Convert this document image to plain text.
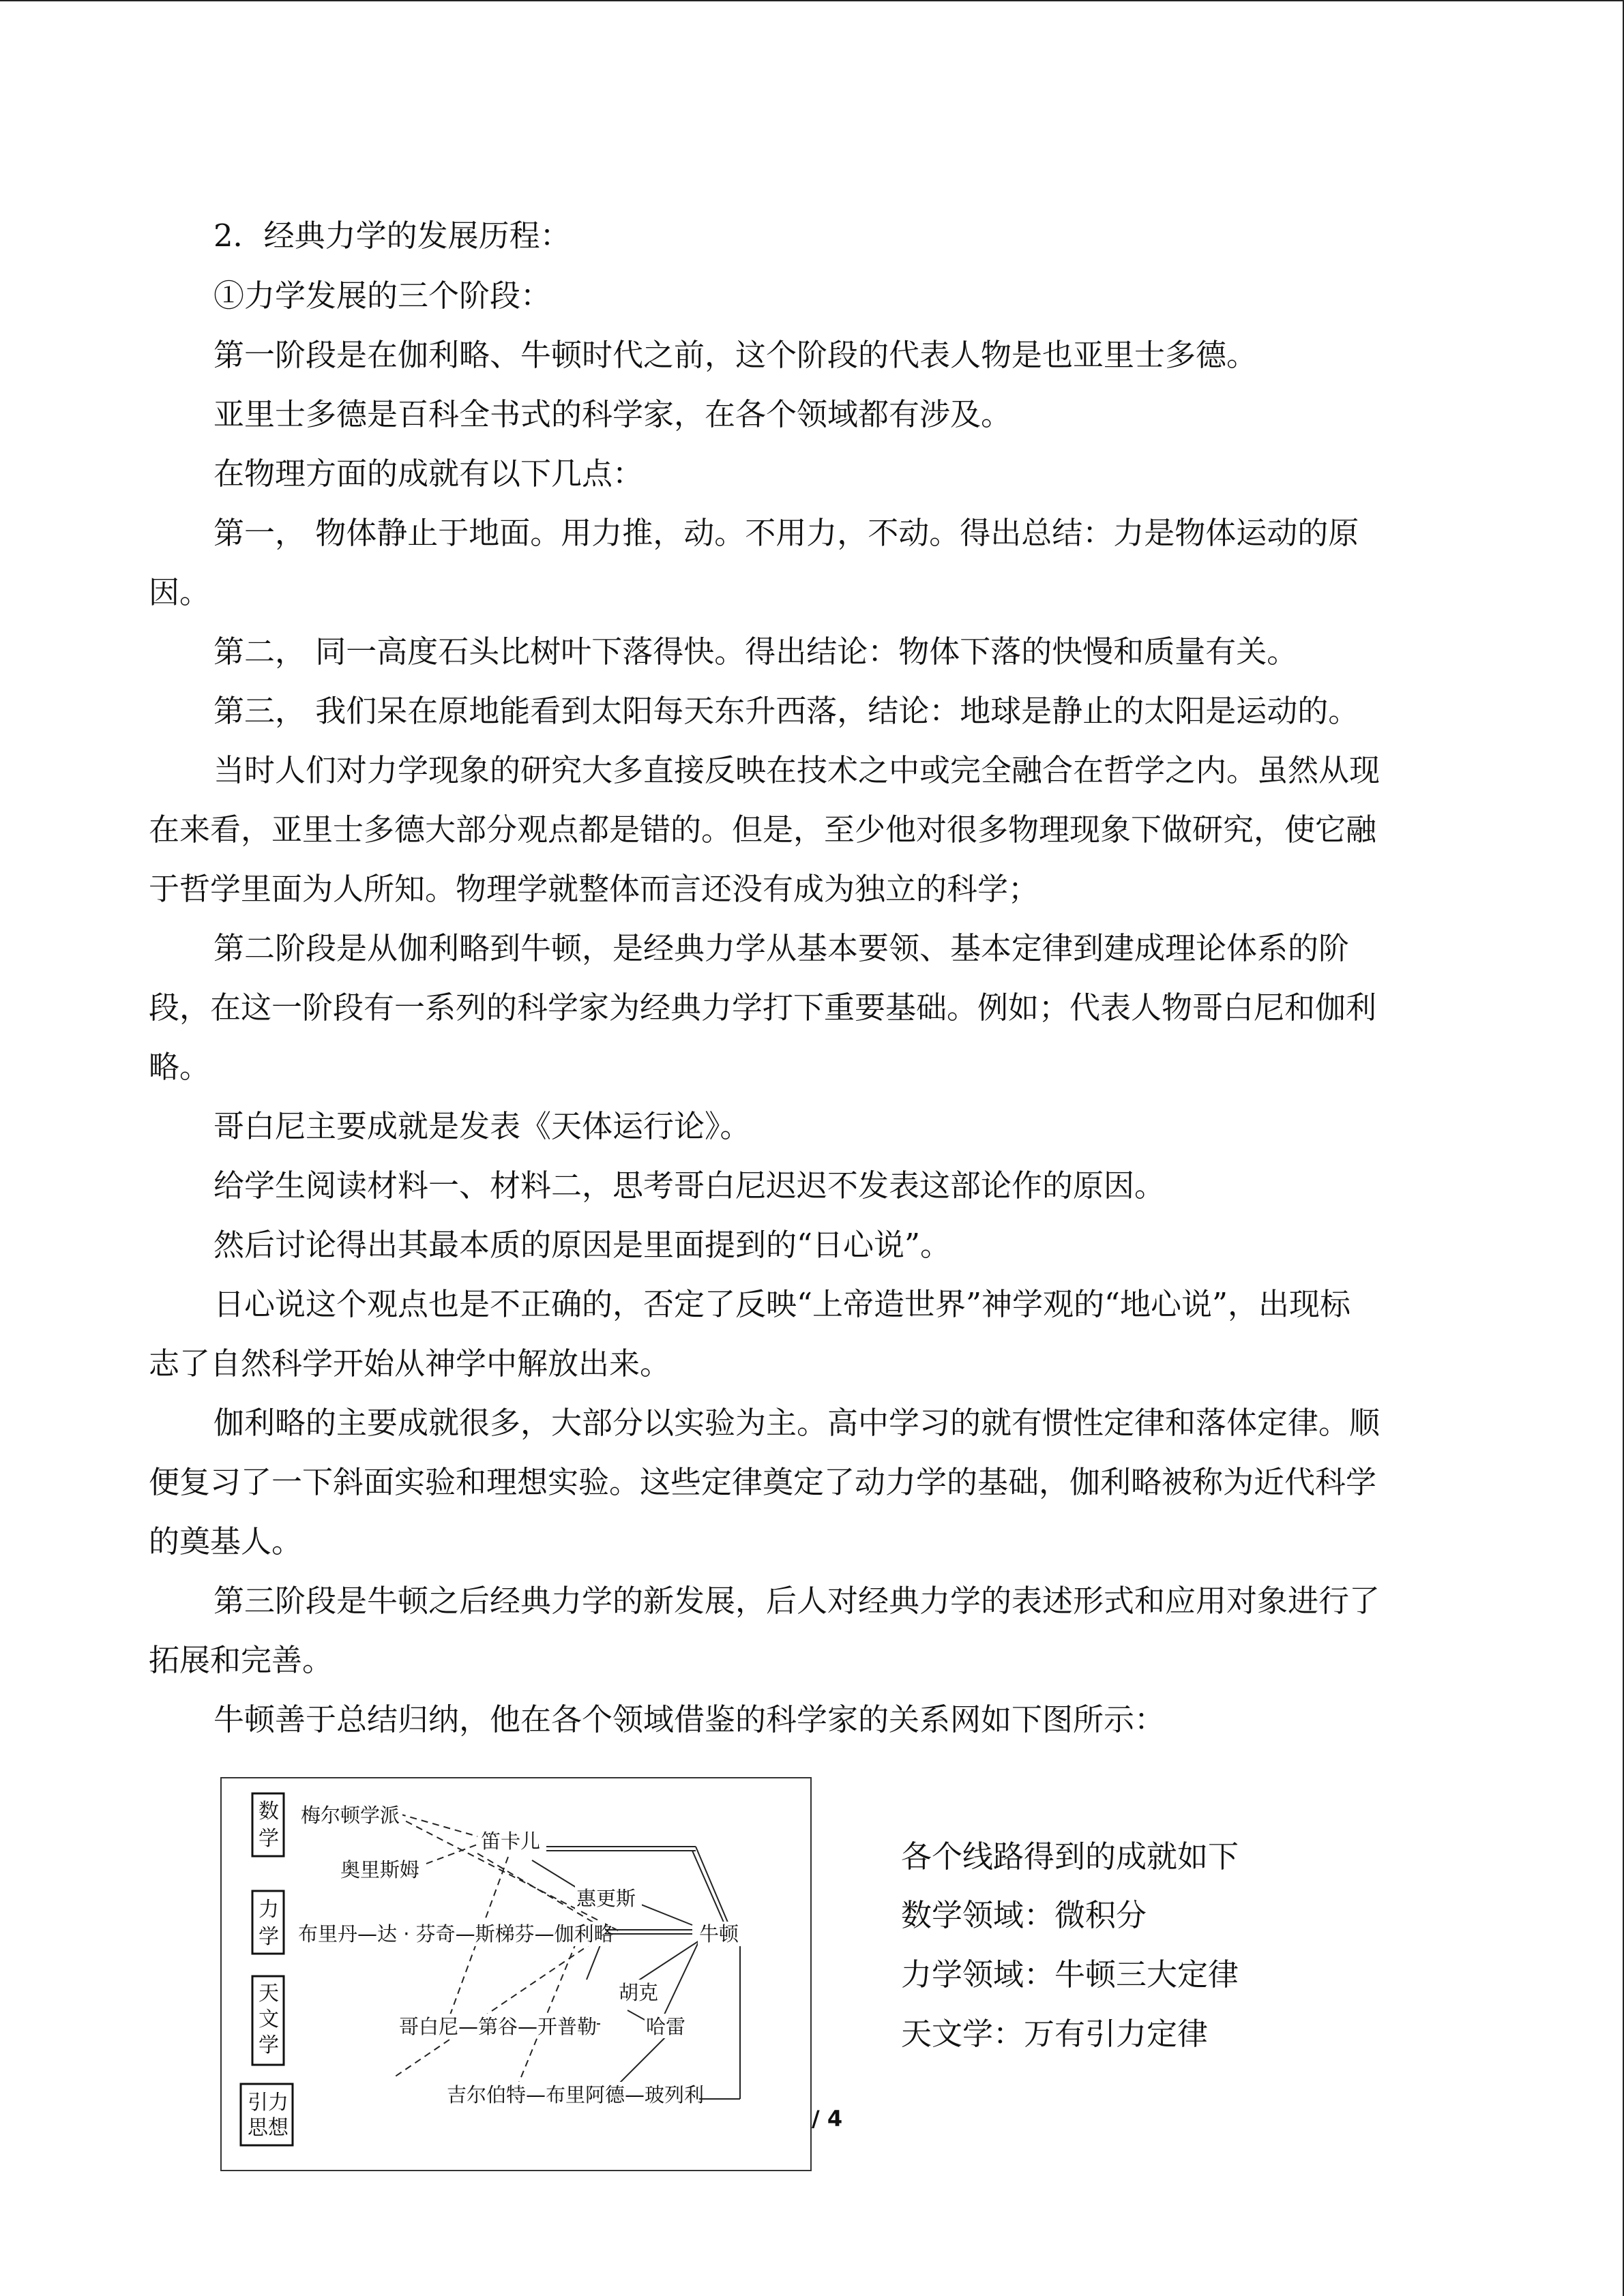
2．经典力学的发展历程：

①力学发展的三个阶段：

第一阶段是在伽利略、牛顿时代之前，这个阶段的代表人物是也亚里士多德。

亚里士多德是百科全书式的科学家，在各个领域都有涉及。

在物理方面的成就有以下几点：

第一， 物体静止于地面。用力推，动。不用力，不动。得出总结：力是物体运动的原

因。

第二， 同一高度石头比树叶下落得快。得出结论：物体下落的快慢和质量有关。

第三， 我们呆在原地能看到太阳每天东升西落，结论：地球是静止的太阳是运动的。

当时人们对力学现象的研究大多直接反映在技术之中或完全融合在哲学之内。虽然从现

在来看，亚里士多德大部分观点都是错的。但是，至少他对很多物理现象下做研究，使它融

于哲学里面为人所知。物理学就整体而言还没有成为独立的科学；

第二阶段是从伽利略到牛顿，是经典力学从基本要领、基本定律到建成理论体系的阶

段，在这一阶段有一系列的科学家为经典力学打下重要基础。例如；代表人物哥白尼和伽利

略。

哥白尼主要成就是发表《天体运行论》。

给学生阅读材料一、材料二，思考哥白尼迟迟不发表这部论作的原因。

然后讨论得出其最本质的原因是里面提到的“日心说”。

日心说这个观点也是不正确的，否定了反映“上帝造世界”神学观的“地心说”，出现标

志了自然科学开始从神学中解放出来。

伽利略的主要成就很多，大部分以实验为主。高中学习的就有惯性定律和落体定律。顺

便复习了一下斜面实验和理想实验。这些定律奠定了动力学的基础，伽利略被称为近代科学

的奠基人。

第三阶段是牛顿之后经典力学的新发展，后人对经典力学的表述形式和应用对象进行了

拓展和完善。

牛顿善于总结归纳，他在各个领域借鉴的科学家的关系网如下图所示：

数
学
力
学
天
文
学
引力
思想
梅尔顿学派
笛卡儿
奥里斯姆
惠更斯
布里丹—达 · 芬奇—斯梯芬—伽利略	牛顿
胡克
哥白尼—第谷—开普勒 哈雷
吉尔伯特—布里阿德—玻列利
各个线路得到的成就如下
数学领域：微积分
力学领域：牛顿三大定律
天文学：万有引力定律
/ 4
